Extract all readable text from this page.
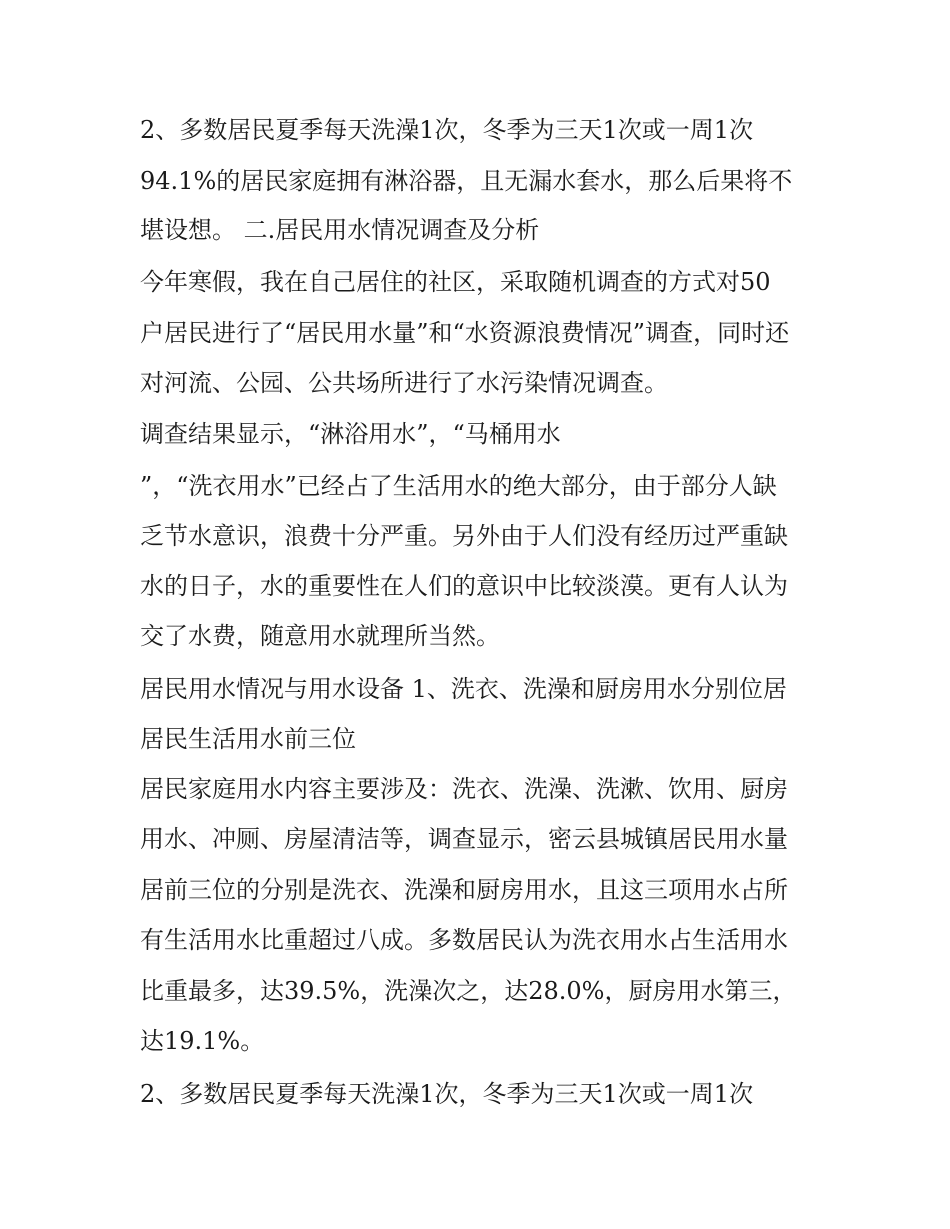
2、多数居民夏季每天洗澡1次，冬季为三天1次或一周1次
94.1%的居民家庭拥有淋浴器，且无漏水套水，那么后果将不
堪设想。 二.居民用水情况调查及分析
今年寒假，我在自己居住的社区，采取随机调查的方式对50
户居民进行了“居民用水量”和“水资源浪费情况”调查，同时还
对河流、公园、公共场所进行了水污染情况调查。
调查结果显示，“淋浴用水”，“马桶用水
”，“洗衣用水”已经占了生活用水的绝大部分，由于部分人缺
乏节水意识，浪费十分严重。另外由于人们没有经历过严重缺
水的日子，水的重要性在人们的意识中比较淡漠。更有人认为
交了水费，随意用水就理所当然。
居民用水情况与用水设备 1、洗衣、洗澡和厨房用水分别位居
居民生活用水前三位
居民家庭用水内容主要涉及：洗衣、洗澡、洗漱、饮用、厨房
用水、冲厕、房屋清洁等，调查显示，密云县城镇居民用水量
居前三位的分别是洗衣、洗澡和厨房用水，且这三项用水占所
有生活用水比重超过八成。多数居民认为洗衣用水占生活用水
比重最多，达39.5%，洗澡次之，达28.0%，厨房用水第三，
达19.1%。
2、多数居民夏季每天洗澡1次，冬季为三天1次或一周1次
